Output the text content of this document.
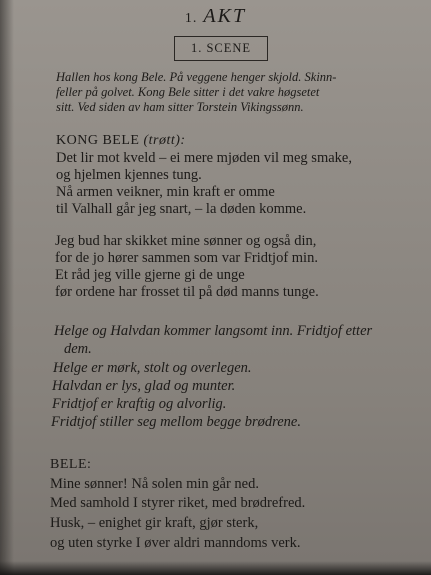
1. AKT
1. SCENE
Hallen hos kong Bele. På veggene henger skjold. Skinn-
feller på golvet. Kong Bele sitter i det vakre høgsetet
sitt. Ved siden av ham sitter Torstein Vikingssønn.
KONG BELE (trøtt):
Det lir mot kveld – ei mere mjøden vil meg smake,
og hjelmen kjennes tung.
Nå armen veikner, min kraft er omme
til Valhall går jeg snart, – la døden komme.
Jeg bud har skikket mine sønner og også din,
for de jo hører sammen som var Fridtjof min.
Et råd jeg ville gjerne gi de unge
før ordene har frosset til på død manns tunge.
Helge og Halvdan kommer langsomt inn. Fridtjof etter
dem.
Helge er mørk, stolt og overlegen.
Halvdan er lys, glad og munter.
Fridtjof er kraftig og alvorlig.
Fridtjof stiller seg mellom begge brødrene.
BELE:
Mine sønner! Nå solen min går ned.
Med samhold I styrer riket, med brødrefred.
Husk, – enighet gir kraft, gjør sterk,
og uten styrke I øver aldri manndoms verk.
